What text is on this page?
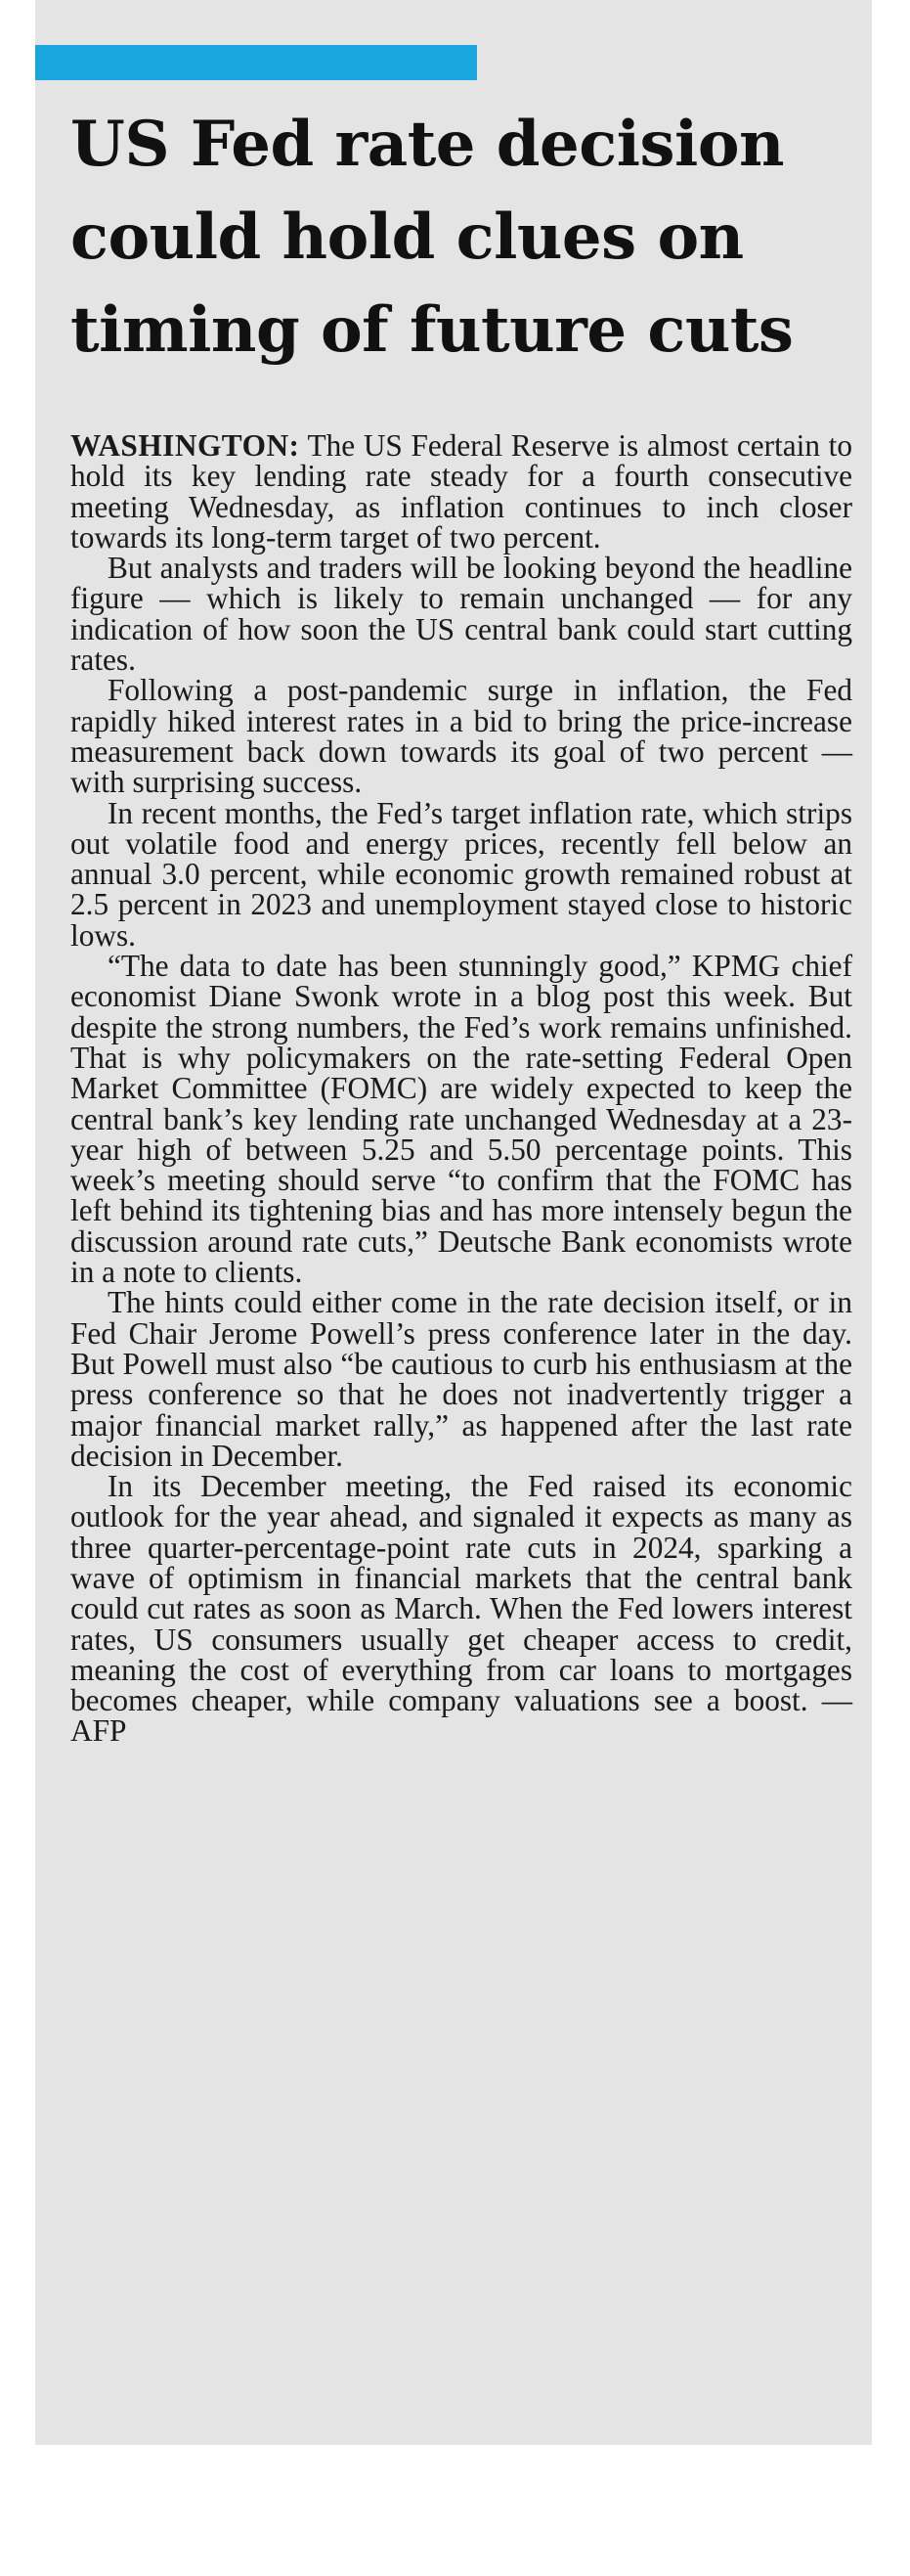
US Fed rate decision could hold clues on timing of future cuts

WASHINGTON: The US Federal Reserve is almost certain to hold its key lending rate steady for a fourth consecutive meeting Wednesday, as inflation continues to inch closer towards its long-term target of two percent.

But analysts and traders will be looking beyond the headline figure — which is likely to remain unchanged — for any indication of how soon the US central bank could start cutting rates.

Following a post-pandemic surge in inflation, the Fed rapidly hiked interest rates in a bid to bring the price-increase measurement back down towards its goal of two percent — with surprising success.

In recent months, the Fed’s target inflation rate, which strips out volatile food and energy prices, recently fell below an annual 3.0 percent, while economic growth remained robust at 2.5 percent in 2023 and unemployment stayed close to historic lows.

“The data to date has been stunningly good,” KPMG chief economist Diane Swonk wrote in a blog post this week. But despite the strong numbers, the Fed’s work remains unfinished. That is why policymakers on the rate-setting Federal Open Market Committee (FOMC) are widely expected to keep the central bank’s key lending rate unchanged Wednesday at a 23-year high of between 5.25 and 5.50 percentage points. This week’s meeting should serve “to confirm that the FOMC has left behind its tightening bias and has more intensely begun the discussion around rate cuts,” Deutsche Bank economists wrote in a note to clients.

The hints could either come in the rate decision itself, or in Fed Chair Jerome Powell’s press conference later in the day. But Powell must also “be cautious to curb his enthusiasm at the press conference so that he does not inadvertently trigger a major financial market rally,” as happened after the last rate decision in December.

In its December meeting, the Fed raised its economic outlook for the year ahead, and signaled it expects as many as three quarter-percentage-point rate cuts in 2024, sparking a wave of optimism in financial markets that the central bank could cut rates as soon as March. When the Fed lowers interest rates, US consumers usually get cheaper access to credit, meaning the cost of everything from car loans to mortgages becomes cheaper, while company valuations see a boost. — AFP
